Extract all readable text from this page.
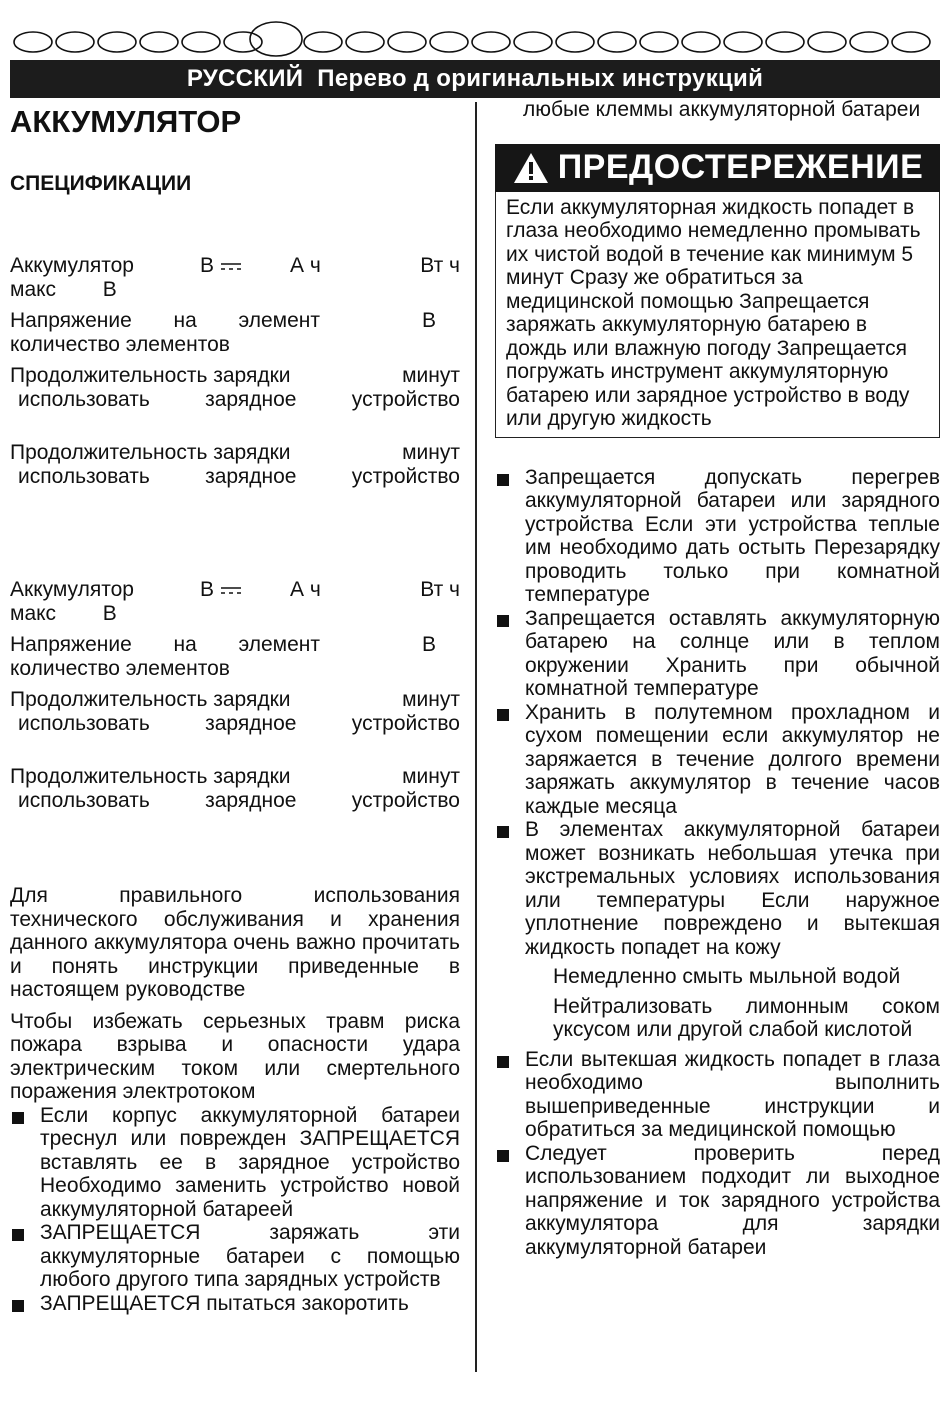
РУССКИЙ Перево д оригинальных инструкций
АККУМУЛЯТОР
СПЕЦИФИКАЦИИ
Аккумулятор	В	А ч	Вт ч
макс В
Напряжение на элемент	В
количество элементов
Продолжительность зарядки	минут
использовать зарядное устройство
Продолжительность зарядки	минут
использовать зарядное устройство
Аккумулятор	В	А ч	Вт ч
макс В
Напряжение на элемент	В
количество элементов
Продолжительность зарядки	минут
использовать зарядное устройство
Продолжительность зарядки	минут
использовать зарядное устройство
Для правильного использования технического обслуживания и хранения данного аккумулятора очень важно прочитать и понять инструкции приведенные в настоящем руководстве
Чтобы избежать серьезных травм риска пожара взрыва и опасности удара электрическим током или смертельного поражения электротоком
Если корпус аккумуляторной батареи треснул или поврежден ЗАПРЕЩАЕТСЯ вставлять ее в зарядное устройство Необходимо заменить устройство новой аккумуляторной батареей
ЗАПРЕЩАЕТСЯ заряжать эти аккумуляторные батареи с помощью любого другого типа зарядных устройств
ЗАПРЕЩАЕТСЯ пытаться закоротить
любые клеммы аккумуляторной батареи
ПРЕДОСТЕРЕЖЕНИЕ
Если аккумуляторная жидкость попадет в глаза необходимо немедленно промывать их чистой водой в течение как минимум 5 минут Сразу же обратиться за медицинской помощью Запрещается заряжать аккумуляторную батарею в дождь или влажную погоду Запрещается погружать инструмент аккумуляторную батарею или зарядное устройство в воду или другую жидкость
Запрещается допускать перегрев аккумуляторной батареи или зарядного устройства Если эти устройства теплые им необходимо дать остыть Перезарядку проводить только при комнатной температуре
Запрещается оставлять аккумуляторную батарею на солнце или в теплом окружении Хранить при обычной комнатной температуре
Хранить в полутемном прохладном и сухом помещении если аккумулятор не заряжается в течение долгого времени заряжать аккумулятор в течение часов каждые месяца
В элементах аккумуляторной батареи может возникать небольшая утечка при экстремальных условиях использования или температуры Если наружное уплотнение повреждено и вытекшая жидкость попадет на кожу
Немедленно смыть мыльной водой
Нейтрализовать лимонным соком уксусом или другой слабой кислотой
Если вытекшая жидкость попадет в глаза необходимо выполнить вышеприведенные инструкции и обратиться за медицинской помощью
Следует проверить перед использованием подходит ли выходное напряжение и ток зарядного устройства аккумулятора для зарядки аккумуляторной батареи
